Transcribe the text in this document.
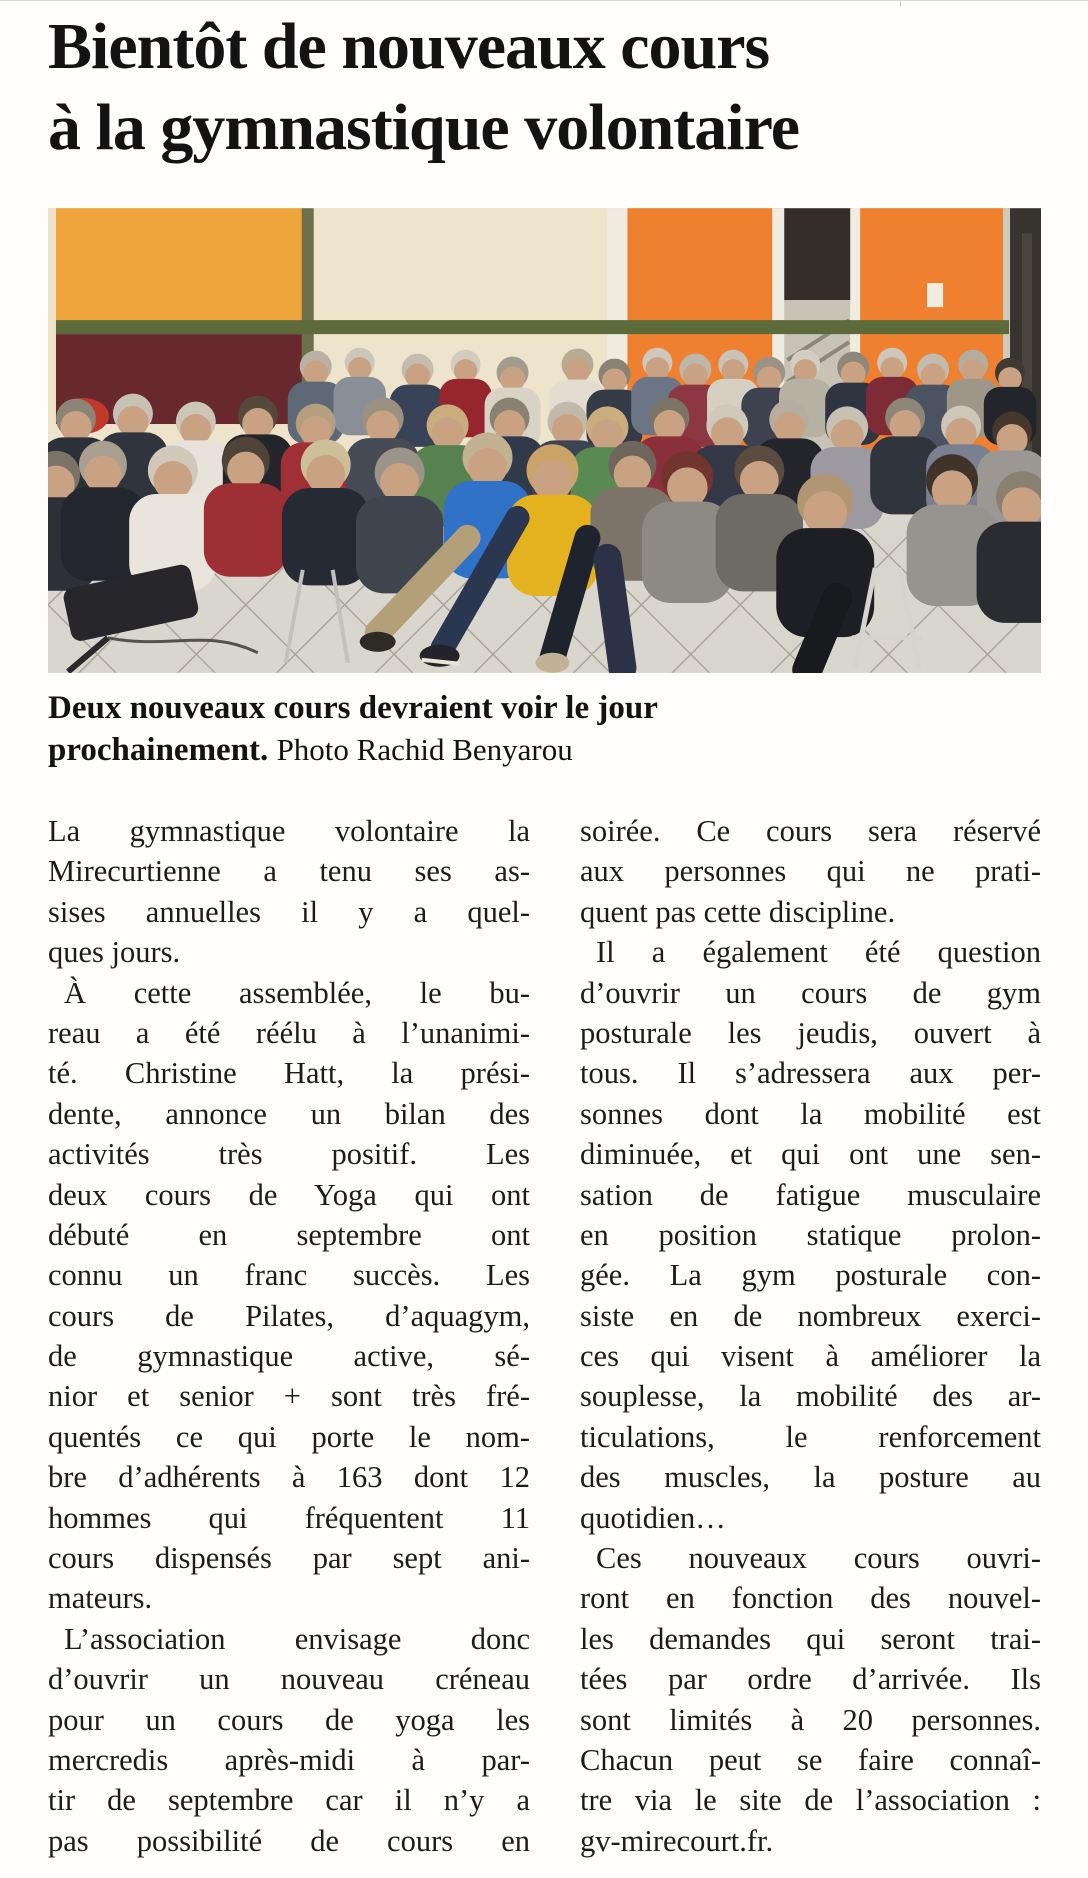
Bientôt de nouveaux cours
à la gymnastique volontaire
Deux nouveaux cours devraient voir le jour prochainement. Photo Rachid Benyarou
La gymnastique volontaire la
Mirecurtienne a tenu ses as-
sises annuelles il y a quel-
ques jours.
À cette assemblée, le bu-
reau a été réélu à l’unanimi-
té. Christine Hatt, la prési-
dente, annonce un bilan des
activités très positif. Les
deux cours de Yoga qui ont
débuté en septembre ont
connu un franc succès. Les
cours de Pilates, d’aquagym,
de gymnastique active, sé-
nior et senior + sont très fré-
quentés ce qui porte le nom-
bre d’adhérents à 163 dont 12
hommes qui fréquentent 11
cours dispensés par sept ani-
mateurs.
L’association envisage donc
d’ouvrir un nouveau créneau
pour un cours de yoga les
mercredis après-midi à par-
tir de septembre car il n’y a
pas possibilité de cours en
soirée. Ce cours sera réservé
aux personnes qui ne prati-
quent pas cette discipline.
Il a également été question
d’ouvrir un cours de gym
posturale les jeudis, ouvert à
tous. Il s’adressera aux per-
sonnes dont la mobilité est
diminuée, et qui ont une sen-
sation de fatigue musculaire
en position statique prolon-
gée. La gym posturale con-
siste en de nombreux exerci-
ces qui visent à améliorer la
souplesse, la mobilité des ar-
ticulations, le renforcement
des muscles, la posture au
quotidien…
Ces nouveaux cours ouvri-
ront en fonction des nouvel-
les demandes qui seront trai-
tées par ordre d’arrivée. Ils
sont limités à 20 personnes.
Chacun peut se faire connaî-
tre via le site de l’association :
gv-mirecourt.fr.
